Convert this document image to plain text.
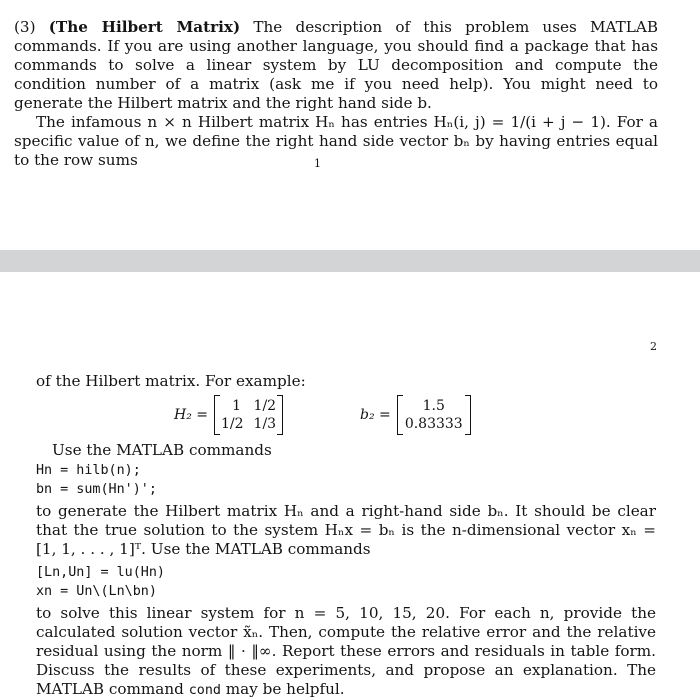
(3) (The Hilbert Matrix) The description of this problem uses MATLAB commands. If you are using another language, you should find a package that has commands to solve a linear system by LU decomposition and compute the condition number of a matrix (ask me if you need help). You might need to generate the Hilbert matrix and the right hand side b.

The infamous n × n Hilbert matrix Hₙ has entries Hₙ(i, j) = 1/(i + j − 1). For a specific value of n, we define the right hand side vector bₙ by having entries equal to the row sums	1
2
of the Hilbert matrix. For example:
H₂ =
1 1/2
1/2 1/3
b₂ =
1.5
0.83333
Use the MATLAB commands
Hn = hilb(n);
bn = sum(Hn')';
to generate the Hilbert matrix Hₙ and a right-hand side bₙ. It should be clear that the true solution to the system Hₙx = bₙ is the n-dimensional vector xₙ = [1, 1, . . . , 1]ᵀ. Use the MATLAB commands
[Ln,Un] = lu(Hn)
xn = Un\(Ln\bn)
to solve this linear system for n = 5, 10, 15, 20. For each n, provide the calculated solution vector x̃ₙ. Then, compute the relative error and the relative residual using the norm ‖ · ‖∞. Report these errors and residuals in table form. Discuss the results of these experiments, and propose an explanation. The MATLAB command cond may be helpful.
